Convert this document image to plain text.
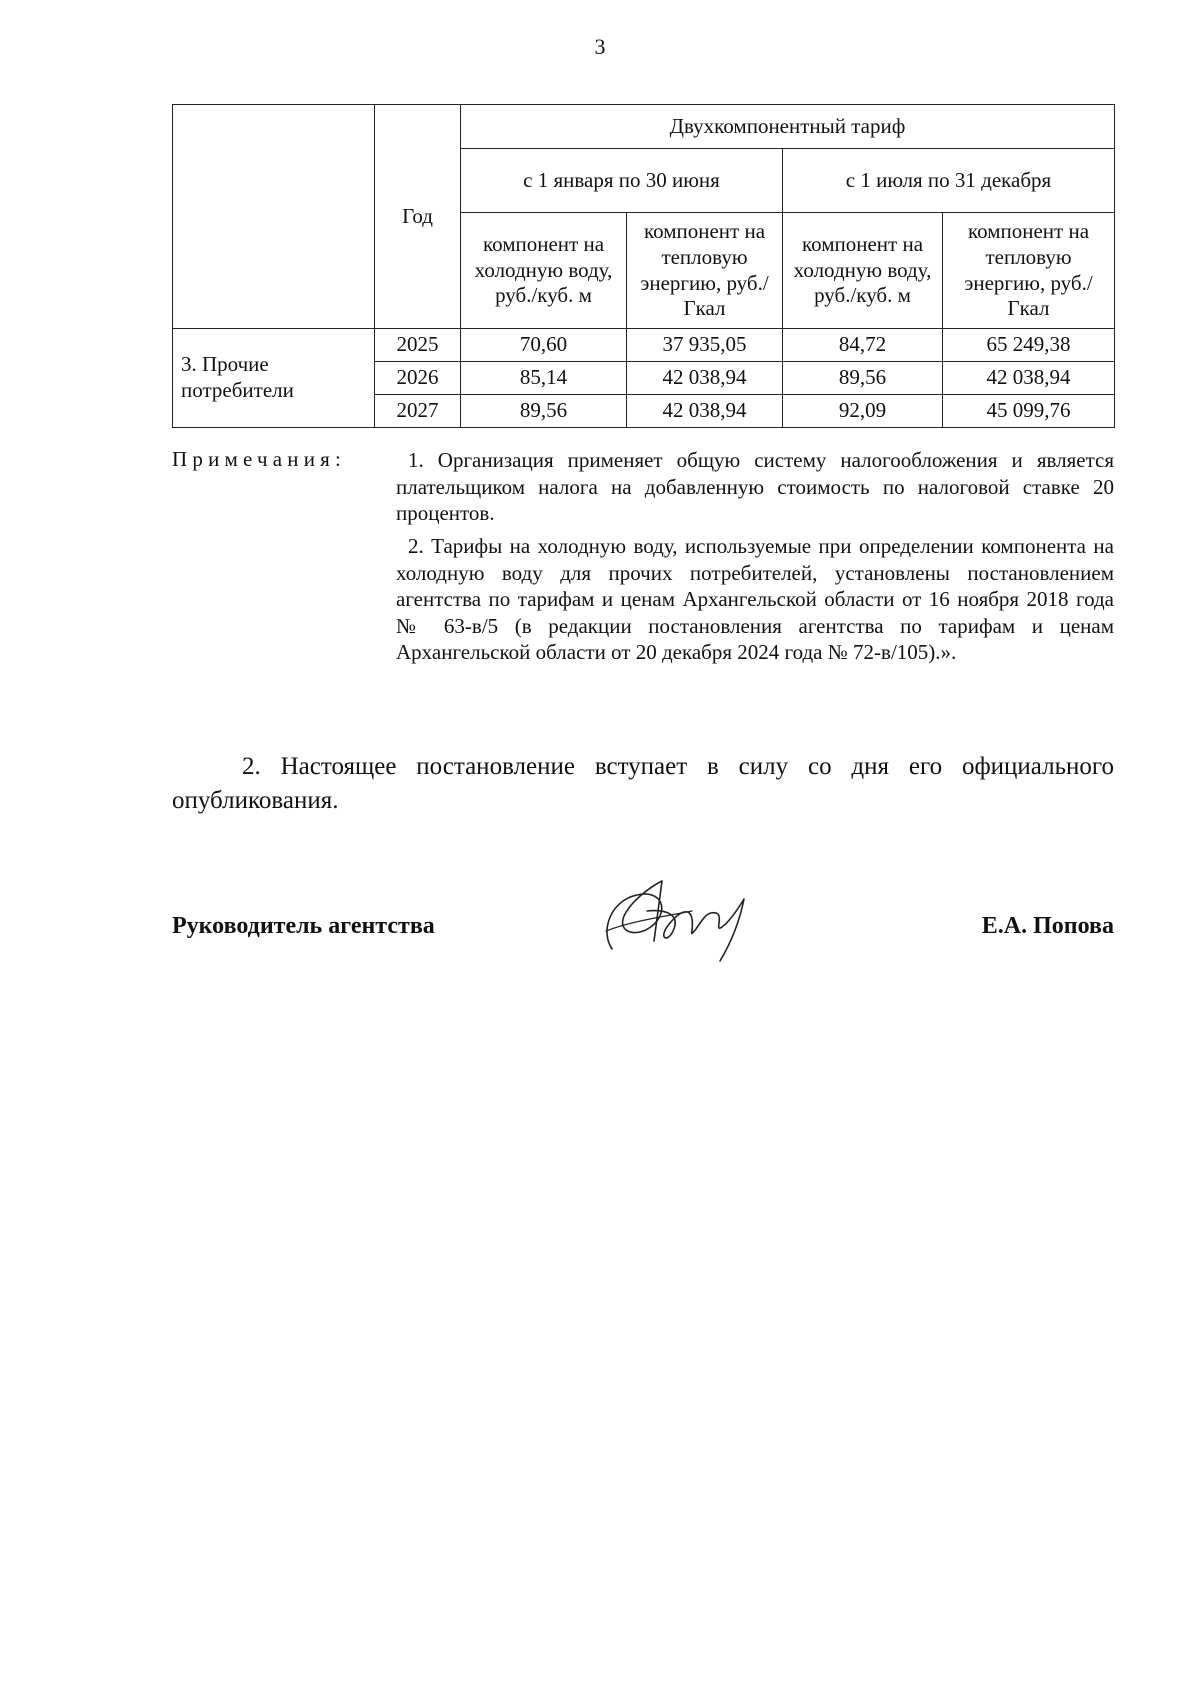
3
	Год	Двухкомпонентный тариф			
		с 1 января по 30 июня		с 1 июля по 31 декабря	
		компонент на холодную воду, руб./куб. м	компонент на тепловую энергию, руб./Гкал	компонент на холодную воду, руб./куб. м	компонент на тепловую энергию, руб./Гкал
3. Прочие потребители	2025	70,60	37 935,05	84,72	65 249,38
	2026	85,14	42 038,94	89,56	42 038,94
	2027	89,56	42 038,94	92,09	45 099,76
Примечания:	1. Организация применяет общую систему налогообложения и является плательщиком налога на добавленную стоимость по налоговой ставке 20 процентов.
2. Тарифы на холодную воду, используемые при определении компонента на холодную воду для прочих потребителей, установлены постановлением агентства по тарифам и ценам Архангельской области от 16 ноября 2018 года № 63-в/5 (в редакции постановления агентства по тарифам и ценам Архангельской области от 20 декабря 2024 года № 72-в/105).».
2. Настоящее постановление вступает в силу со дня его официального опубликования.
Руководитель агентства	Е.А. Попова
